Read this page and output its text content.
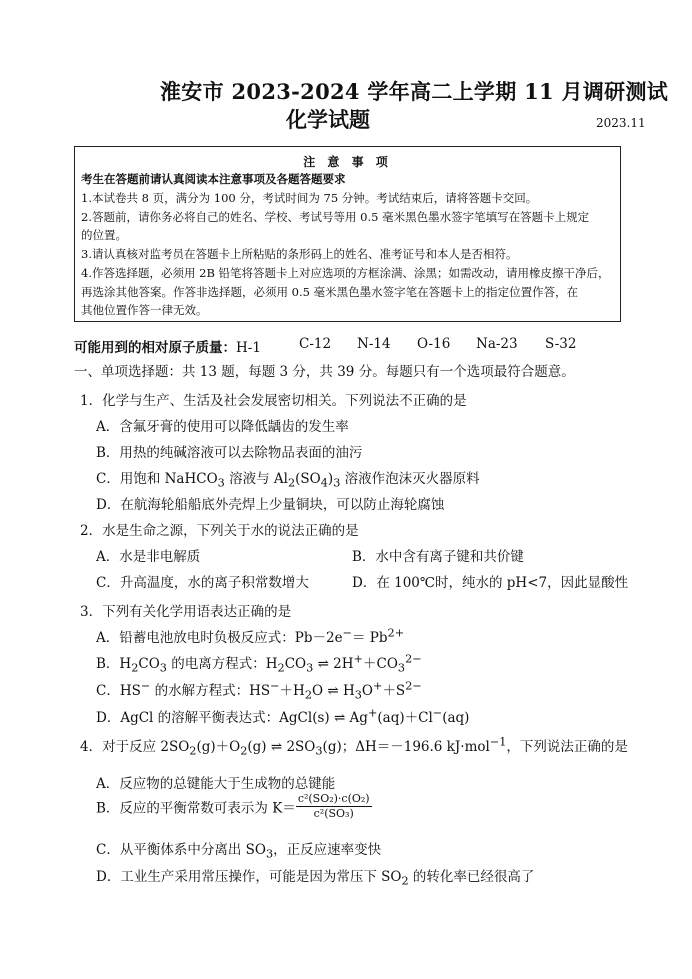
淮安市 2023-2024 学年高二上学期 11 月调研测试
化学试题	2023.11
注 意 事 项
考生在答题前请认真阅读本注意事项及各题答题要求
1.本试卷共 8 页，满分为 100 分，考试时间为 75 分钟。考试结束后，请将答题卡交回。
2.答题前，请你务必将自己的姓名、学校、考试号等用 0.5 毫米黑色墨水签字笔填写在答题卡上规定
的位置。
3.请认真核对监考员在答题卡上所粘贴的条形码上的姓名、准考证号和本人是否相符。
4.作答选择题，必须用 2B 铅笔将答题卡上对应选项的方框涂满、涂黑；如需改动，请用橡皮擦干净后，
再选涂其他答案。作答非选择题，必须用 0.5 毫米黑色墨水签字笔在答题卡上的指定位置作答，在
其他位置作答一律无效。
可能用到的相对原子质量：H-1	C-12 N-14 O-16 Na-23 S-32
一、单项选择题：共 13 题，每题 3 分，共 39 分。每题只有一个选项最符合题意。
1．化学与生产、生活及社会发展密切相关。下列说法不正确的是
A．含氟牙膏的使用可以降低龋齿的发生率
B．用热的纯碱溶液可以去除物品表面的油污
C．用饱和 NaHCO$_3$ 溶液与 $Al_2(SO_4)_3$ 溶液作泡沫灭火器原料
D．在航海轮船船底外壳焊上少量铜块，可以防止海轮腐蚀
2．水是生命之源，下列关于水的说法正确的是
A．水是非电解质	B．水中含有离子键和共价键
C．升高温度，水的离子积常数增大	D．在 100℃时，纯水的 pH<7，因此显酸性
3．下列有关化学用语表达正确的是
A．铅蓄电池放电时负极反应式：$Pb-2e^-= Pb^{2+}$
B．$H_2CO_3$ 的电离方程式：$H_2CO_3$ ⇌ $2H^++CO_3^{2-}$
C．HS− 的水解方程式：$HS^-+H_2O$ ⇌ $H_3O^++S^{2-}$
D．AgCl 的溶解平衡表达式：AgCl(s) ⇌ Ag+(aq)＋Cl−(aq)
4．对于反应 $2SO_2(g)+O_2(g)$ ⇌ $2SO_3(g)$；ΔH＝－196.6 kJ·mol$^{-1}$，下列说法正确的是
A．反应物的总键能大于生成物的总键能
B．反应的平衡常数可表示为 $K= \frac{\text{c²(SO₂)·c(O₂)}}{\text{c²(SO₃)}}$
C．从平衡体系中分离出 $SO_3$，正反应速率变快
D．工业生产采用常压操作，可能是因为常压下 $SO_2$ 的转化率已经很高了
